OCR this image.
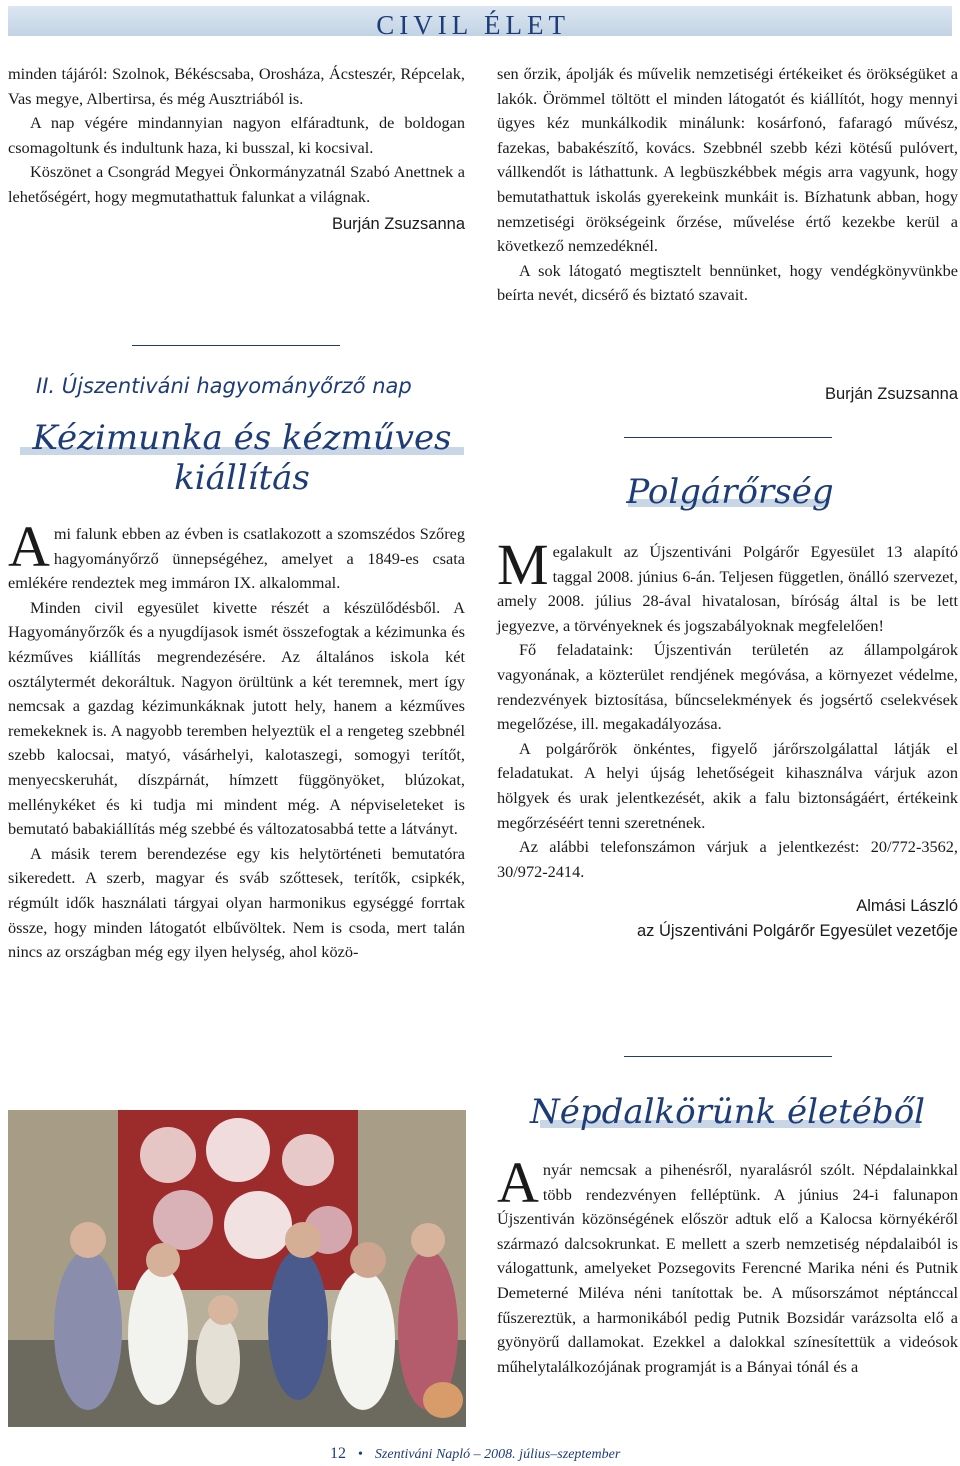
CIVIL ÉLET

minden tájáról: Szolnok, Békéscsaba, Orosháza, Ácsteszér, Répcelak, Vas megye, Albertirsa, és még Ausztriából is.

A nap végére mindannyian nagyon elfáradtunk, de boldogan csomagoltunk és indultunk haza, ki busszal, ki kocsival.

Köszönet a Csongrád Megyei Önkormányzatnál Szabó Anettnek a lehetőségért, hogy megmutathattuk falunkat a világnak.

Burján Zsuzsanna

II. Újszentiváni hagyományőrző nap
Kézimunka és kézműves
kiállítás

A mi falunk ebben az évben is csatlakozott a szomszédos Szőreg hagyományőrző ünnepségéhez, amelyet a 1849-es csata emlékére rendeztek meg immáron IX. alkalommal.

Minden civil egyesület kivette részét a készülődésből. A Hagyományőrzők és a nyugdíjasok ismét összefogtak a kézimunka és kézműves kiállítás megrendezésére. Az általános iskola két osztálytermét dekoráltuk. Nagyon örültünk a két teremnek, mert így nemcsak a gazdag kézimunkáknak jutott hely, hanem a kézműves remekeknek is. A nagyobb teremben helyeztük el a rengeteg szebbnél szebb kalocsai, matyó, vásárhelyi, kalotaszegi, somogyi terítőt, menyecskeruhát, díszpárnát, hímzett függönyöket, blúzokat, mellénykéket és ki tudja mi mindent még. A népviseleteket is bemutató babakiállítás még szebbé és változatosabbá tette a látványt.

A másik terem berendezése egy kis helytörténeti bemutatóra sikeredett. A szerb, magyar és sváb szőttesek, terítők, csipkék, régmúlt idők használati tárgyai olyan harmonikus egységgé forrtak össze, hogy minden látogatót elbűvöltek. Nem is csoda, mert talán nincs az országban még egy ilyen helység, ahol közö-

sen őrzik, ápolják és művelik nemzetiségi értékeiket és örökségüket a lakók. Örömmel töltött el minden látogatót és kiállítót, hogy mennyi ügyes kéz munkálkodik minálunk: kosárfonó, fafaragó művész, fazekas, babakészítő, kovács. Szebbnél szebb kézi kötésű pulóvert, vállkendőt is láthattunk. A legbüszkébbek mégis arra vagyunk, hogy bemutathattuk iskolás gyerekeink munkáit is. Bízhatunk abban, hogy nemzetiségi örökségeink őrzése, művelése értő kezekbe kerül a következő nemzedéknél.

A sok látogató megtisztelt bennünket, hogy vendégkönyvünkbe beírta nevét, dicsérő és biztató szavait.

Burján Zsuzsanna
Polgárőrség

M egalakult az Újszentiváni Polgárőr Egyesület 13 alapító taggal 2008. június 6-án. Teljesen független, önálló szervezet, amely 2008. július 28-ával hivatalosan, bíróság által is be lett jegyezve, a törvényeknek és jogszabályoknak megfelelően!

Fő feladataink: Újszentiván területén az állampolgárok vagyonának, a közterület rendjének megóvása, a környezet védelme, rendezvények biztosítása, bűncselekmények és jogsértő cselekvések megelőzése, ill. megakadályozása.

A polgárőrök önkéntes, figyelő járőrszolgálattal látják el feladatukat. A helyi újság lehetőségeit kihasználva várjuk azon hölgyek és urak jelentkezését, akik a falu biztonságáért, értékeink megőrzéséért tenni szeretnének.

Az alábbi telefonszámon várjuk a jelentkezést: 20/772-3562, 30/972-2414.

Almási László

az Újszentiváni Polgárőr Egyesület vezetője

Népdalkörünk életéből

A nyár nemcsak a pihenésről, nyaralásról szólt. Népdalainkkal több rendezvényen felléptünk. A június 24-i falunapon Újszentiván közönségének először adtuk elő a Kalocsa környékéről származó dalcsokrunkat. E mellett a szerb nemzetiség népdalaiból is válogattunk, amelyeket Pozsegovits Ferencné Marika néni és Putnik Demeterné Miléva néni tanítottak be. A műsorszámot néptánccal fűszereztük, a harmonikából pedig Putnik Bozsidár varázsolta elő a gyönyörű dallamokat. Ezekkel a dalokkal színesítettük a videósok műhelytalálkozójának programját is a Bányai tónál és a

12 • Szentiváni Napló – 2008. július–szeptember
